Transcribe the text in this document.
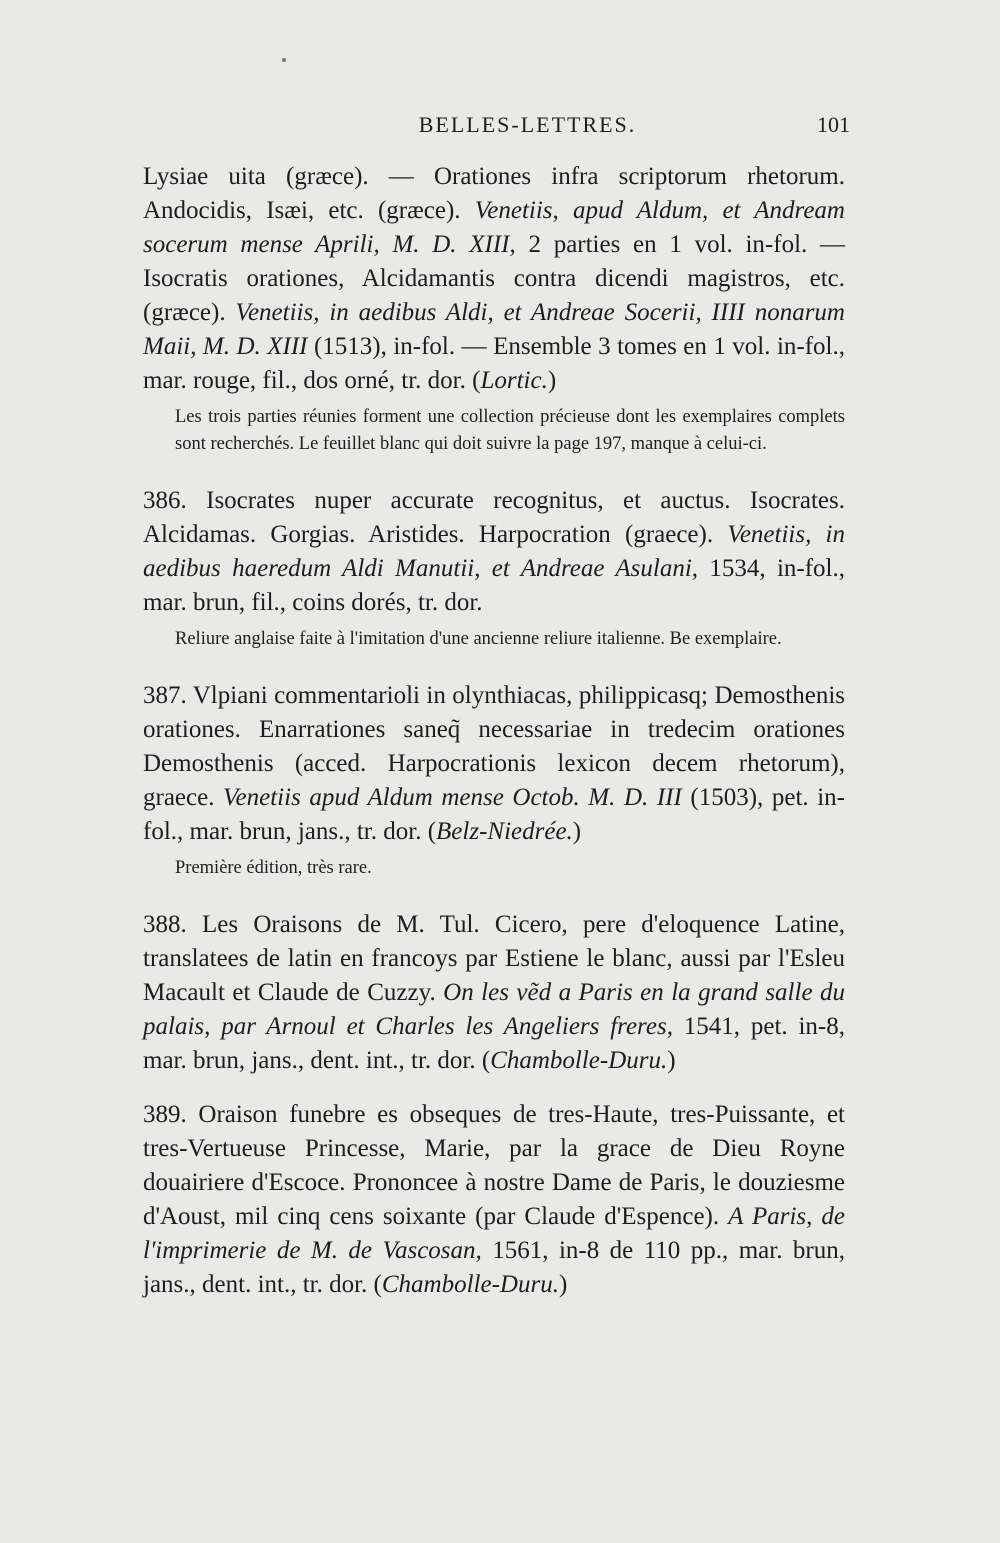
BELLES-LETTRES.	101

Lysiae uita (græce). — Orationes infra scriptorum rhetorum. Andocidis, Isæi, etc. (græce). Venetiis, apud Aldum, et Andream socerum mense Aprili, M. D. XIII, 2 parties en 1 vol. in-fol. — Isocratis orationes, Alcidamantis contra dicendi magistros, etc. (græce). Venetiis, in aedibus Aldi, et Andreae Socerii, IIII nonarum Maii, M. D. XIII (1513), in-fol. — Ensemble 3 tomes en 1 vol. in-fol., mar. rouge, fil., dos orné, tr. dor. (Lortic.)

Les trois parties réunies forment une collection précieuse dont les exemplaires complets sont recherchés. Le feuillet blanc qui doit suivre la page 197, manque à celui-ci.

386. Isocrates nuper accurate recognitus, et auctus. Isocrates. Alcidamas. Gorgias. Aristides. Harpocration (graece). Venetiis, in aedibus haeredum Aldi Manutii, et Andreae Asulani, 1534, in-fol., mar. brun, fil., coins dorés, tr. dor.

Reliure anglaise faite à l'imitation d'une ancienne reliure italienne. Be exemplaire.

387. Vlpiani commentarioli in olynthiacas, philippicasq; Demosthenis orationes. Enarrationes saneq̃ necessariae in tredecim orationes Demosthenis (acced. Harpocrationis lexicon decem rhetorum), graece. Venetiis apud Aldum mense Octob. M. D. III (1503), pet. in-fol., mar. brun, jans., tr. dor. (Belz-Niedrée.)

Première édition, très rare.

388. Les Oraisons de M. Tul. Cicero, pere d'eloquence Latine, translatees de latin en francoys par Estiene le blanc, aussi par l'Esleu Macault et Claude de Cuzzy. On les vẽd a Paris en la grand salle du palais, par Arnoul et Charles les Angeliers freres, 1541, pet. in-8, mar. brun, jans., dent. int., tr. dor. (Chambolle-Duru.)

389. Oraison funebre es obseques de tres-Haute, tres-Puissante, et tres-Vertueuse Princesse, Marie, par la grace de Dieu Royne douairiere d'Escoce. Prononcee à nostre Dame de Paris, le douziesme d'Aoust, mil cinq cens soixante (par Claude d'Espence). A Paris, de l'imprimerie de M. de Vascosan, 1561, in-8 de 110 pp., mar. brun, jans., dent. int., tr. dor. (Chambolle-Duru.)
